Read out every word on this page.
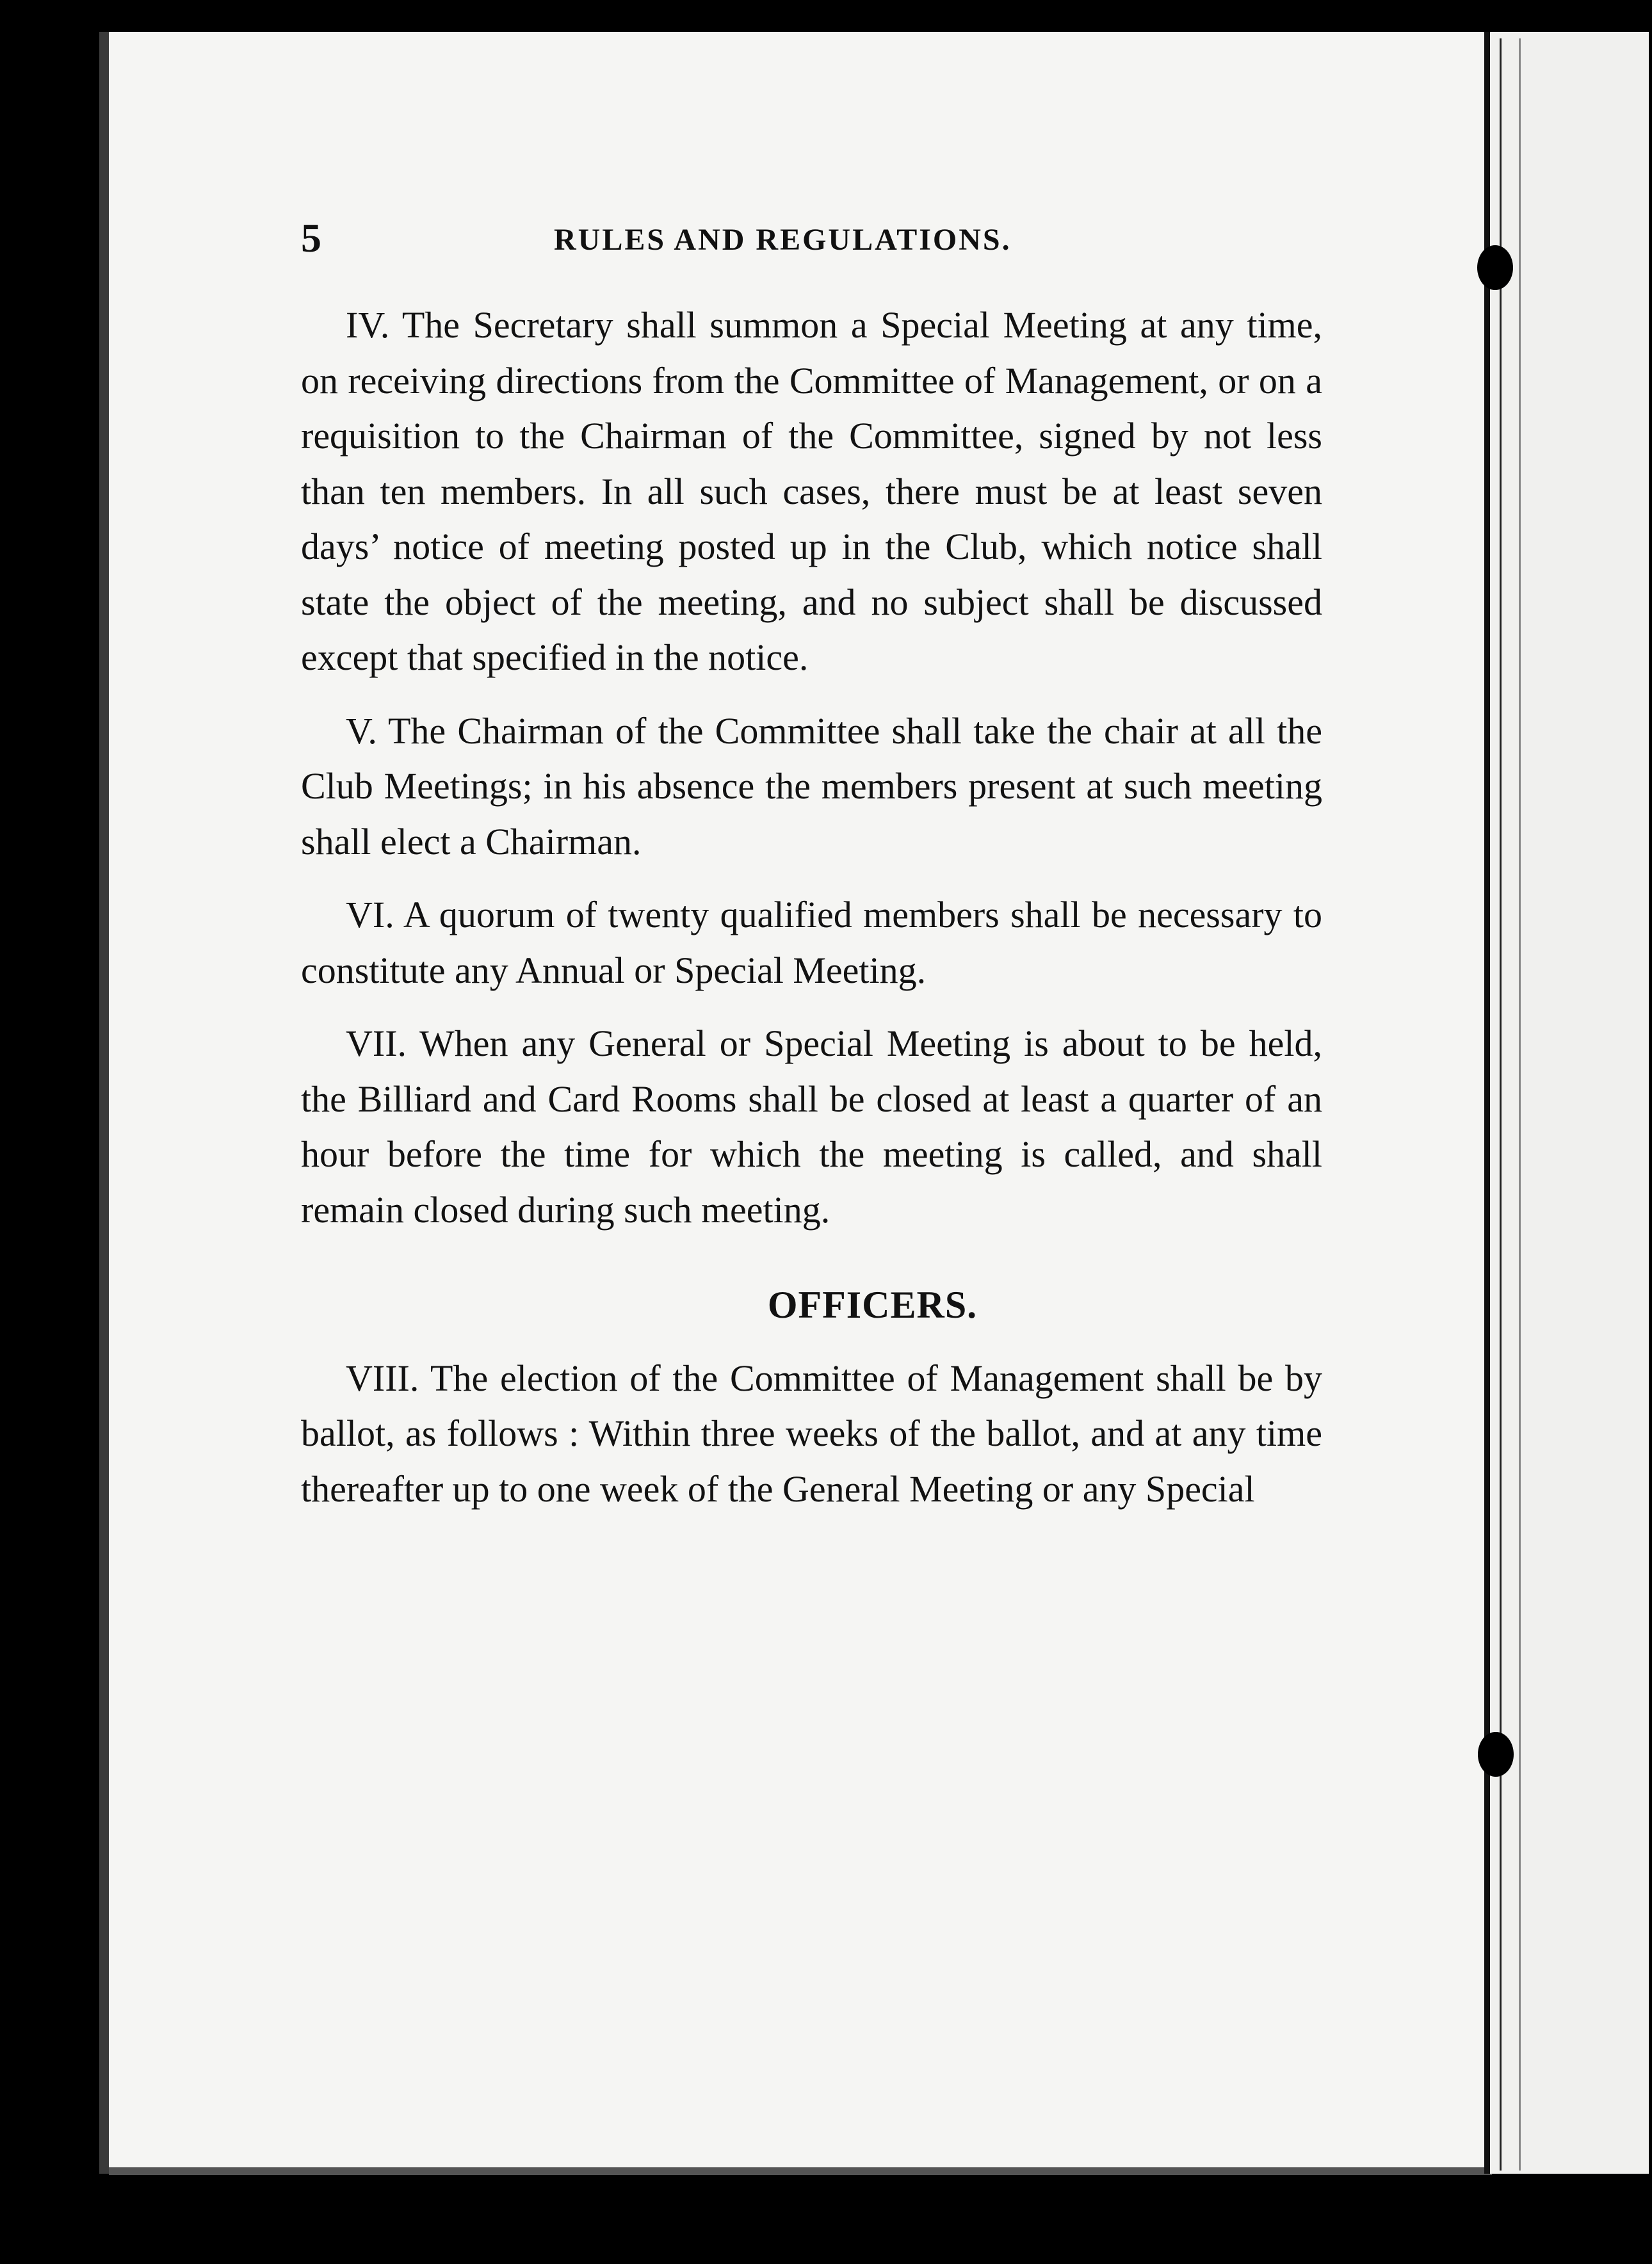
5	RULES AND REGULATIONS.

IV. The Secretary shall summon a Special Meeting at any time, on receiving directions from the Committee of Management, or on a requisition to the Chairman of the Committee, signed by not less than ten members. In all such cases, there must be at least seven days’ notice of meeting posted up in the Club, which notice shall state the object of the meeting, and no subject shall be discussed except that specified in the notice.

V. The Chairman of the Committee shall take the chair at all the Club Meetings; in his absence the members present at such meeting shall elect a Chairman.

VI. A quorum of twenty qualified members shall be necessary to constitute any Annual or Special Meeting.

VII. When any General or Special Meeting is about to be held, the Billiard and Card Rooms shall be closed at least a quarter of an hour before the time for which the meeting is called, and shall remain closed during such meeting.

OFFICERS.

VIII. The election of the Committee of Management shall be by ballot, as follows : Within three weeks of the ballot, and at any time thereafter up to one week of the General Meeting or any Special
